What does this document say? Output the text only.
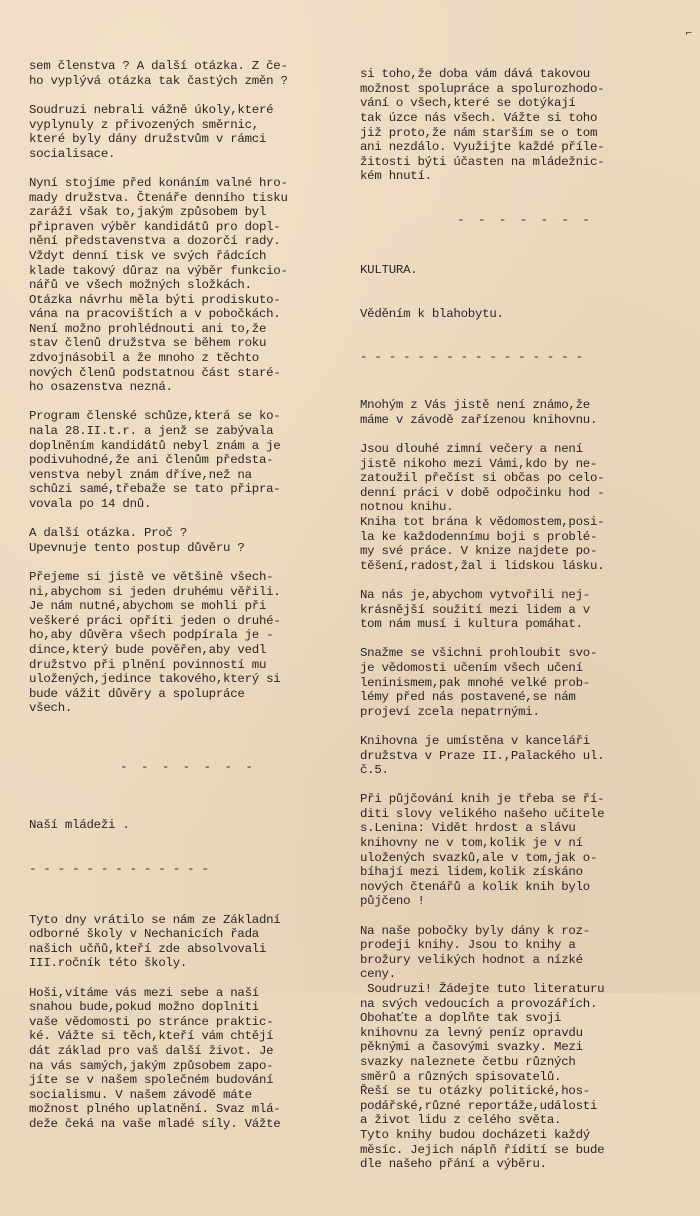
⌐

sem členstva ? A další otázka. Z če-
ho vyplývá otázka tak častých změn ?
Soudruzi nebrali vážně úkoly,které
vyplynuly z přivozených směrnic,
které byly dány družstvům v rámci
socialisace.
Nyní stojíme před konáním valné hro-
mady družstva. Čtenáře denního tisku
zaráží však to,jakým způsobem byl
připraven výběr kandidátů pro dopl-
nění představenstva a dozorčí rady.
Vždyt denní tisk ve svých řádcích
klade takový důraz na výběr funkcio-
nářů ve všech možných složkách.
Otázka návrhu měla býti prodiskuto-
vána na pracovištích a v pobočkách.
Není možno prohlédnouti ani to,že
stav členů družstva se během roku
zdvojnásobil a že mnoho z těchto
nových členů podstatnou část staré-
ho osazenstva nezná.
Program členské schůze,která se ko-
nala 28.II.t.r. a jenž se zabývala
doplněním kandidátů nebyl znám a je
podivuhodné,že ani členům předsta-
venstva nebyl znám dříve,než na
schůzi samé,třebaže se tato připra-
vovala po 14 dnů.
A další otázka. Proč ?
Upevnuje tento postup důvěru ?
Přejeme si jistě ve většině všech-
ni,abychom si jeden druhému věřili.
Je nám nutné,abychom se mohli při
veškeré práci opříti jeden o druhé-
ho,aby důvěra všech podpírala je -
dince,který bude pověřen,aby vedl
družstvo při plnění povinností mu
uložených,jedince takového,který si
bude vážit důvěry a spolupráce
všech.

- - - - - - -

Naší mládeži .

- - - - - - - - - - - - -

Tyto dny vrátilo se nám ze Základní
odborné školy v Nechanicích řada
našich učňů,kteří zde absolvovali
III.ročník této školy.
Hoši,vítáme vás mezi sebe a naší
snahou bude,pokud možno doplniti
vaše vědomosti po stránce praktic-
ké. Vážte si těch,kteří vám chtějí
dát základ pro vaš další život. Je
na vás samých,jakým způsobem zapo-
jíte se v našem společném budování
socialismu. V našem závodě máte
možnost plného uplatnění. Svaz mlá-
deže čeká na vaše mladé síly. Vážte

si toho,že doba vám dává takovou
možnost spolupráce a spolurozhodo-
vání o všech,které se dotýkají
tak úzce nás všech. Vážte si toho
již proto,že nám starším se o tom
ani nezdálo. Využijte každé příle-
žitosti býti účasten na mládežnic-
kém hnutí.

- - - - - - -

KULTURA.

Věděním k blahobytu.

- - - - - - - - - - - - - - - -

Mnohým z Vás jistě není známo,že
máme v závodě zařízenou knihovnu.
Jsou dlouhé zimní večery a není
jistě nikoho mezi Vámi,kdo by ne-
zatoužil přečíst si občas po celo-
denní práci v době odpočinku hod -
notnou knihu.
Kniha tot brána k vědomostem,posi-
la ke každodennímu boji s problé-
my své práce. V knize najdete po-
těšení,radost,žal i lidskou lásku.
Na nás je,abychom vytvořili nej-
krásnější soužití mezi lidem a v
tom nám musí i kultura pomáhat.
Snažme se všichni prohloubit svo-
je vědomosti učením všech učení
leninismem,pak mnohé velké prob-
lémy před nás postavené,se nám
projeví zcela nepatrnými.
Knihovna je umístěna v kanceláři
družstva v Praze II.,Palackého ul.
č.5.
Při půjčování knih je třeba se ří-
diti slovy velikého našeho učitele
s.Lenina: Vidět hrdost a slávu
knihovny ne v tom,kolik je v ní
uložených svazků,ale v tom,jak o-
bíhají mezi lidem,kolik získáno
nových čtenářů a kolik knih bylo
půjčeno !
Na naše pobočky byly dány k roz-
prodeji knihy. Jsou to knihy a
brožury velikých hodnot a nízké
ceny.
Soudruzi! Žádejte tuto literaturu
na svých vedoucích a provozářích.
Obohaťte a doplňte tak svoji
knihovnu za levný peníz opravdu
pěknými a časovými svazky. Mezi
svazky naleznete četbu různých
směrů a různých spisovatelů.
Řeší se tu otázky politické,hos-
podářské,různé reportáže,události
a život lidu z celého světa.
Tyto knihy budou docházeti každý
měsíc. Jejich náplň řídití se bude
dle našeho přání a výběru.
